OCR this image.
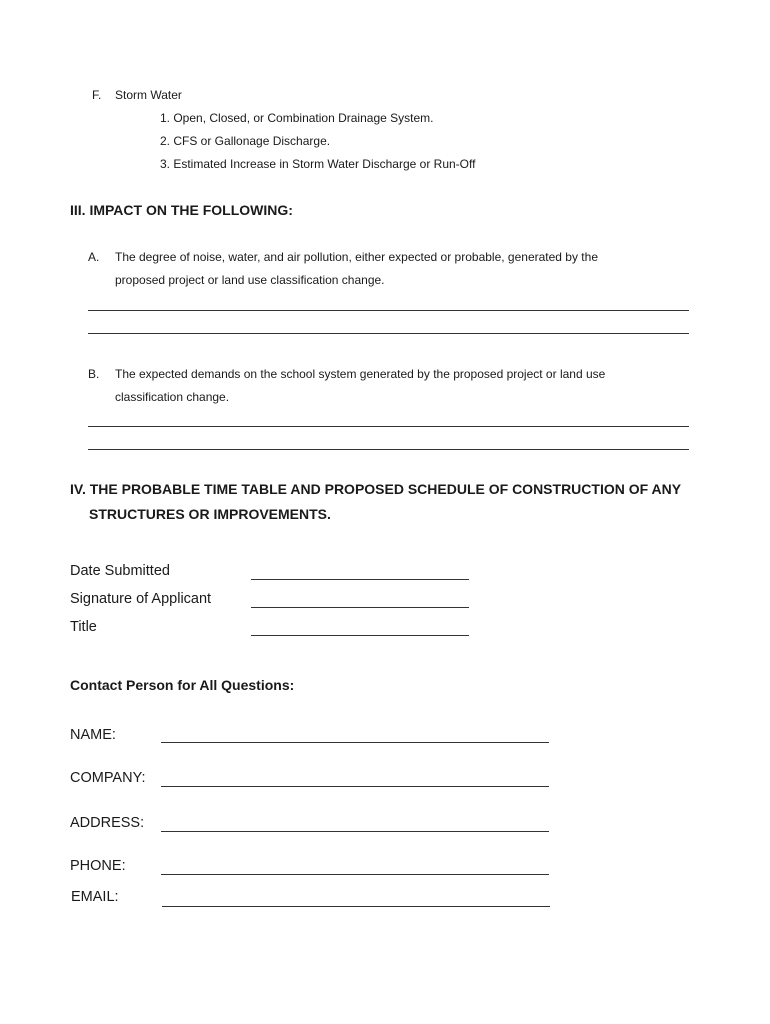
F. Storm Water
1. Open, Closed, or Combination Drainage System.
2. CFS or Gallonage Discharge.
3. Estimated Increase in Storm Water Discharge or Run-Off
III. IMPACT ON THE FOLLOWING:
A. The degree of noise, water, and air pollution, either expected or probable, generated by the
proposed project or land use classification change.
B. The expected demands on the school system generated by the proposed project or land use
classification change.
IV. THE PROBABLE TIME TABLE AND PROPOSED SCHEDULE OF CONSTRUCTION OF ANY
STRUCTURES OR IMPROVEMENTS.
Date Submitted
Signature of Applicant
Title
Contact Person for All Questions:
NAME:
COMPANY:
ADDRESS:
PHONE:
EMAIL:
